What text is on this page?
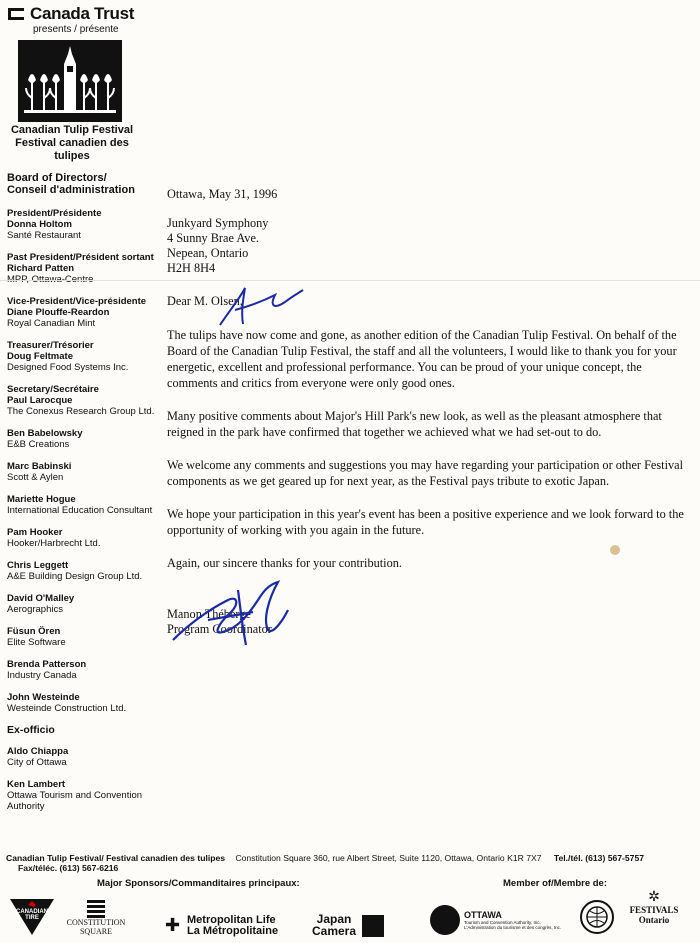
Canada Trust
presents / présente
Canadian Tulip Festival
Festival canadien des tulipes
Board of Directors/
Conseil d'administration
President/Présidente
Donna Holtom
Santé Restaurant
Past President/Président sortant
Richard Patten
Vice-President/Vice-présidente
Diane Plouffe-Reardon
Royal Canadian Mint
Treasurer/Trésorier
Doug Feltmate
Designed Food Systems Inc.
Secretary/Secrétaire
Paul Larocque
The Conexus Research Group Ltd.
Ben Babelowsky
E&B Creations
Marc Babinski
Scott & Aylen
Mariette Hogue
International Education Consultant
Pam Hooker
Hooker/Harbrecht Ltd.
Chris Leggett
A&E Building Design Group Ltd.
David O'Malley
Aerographics
Füsun Ören
Elite Software
Brenda Patterson
Industry Canada
John Westeinde
Westeinde Construction Ltd.
Ex-officio
Aldo Chiappa
City of Ottawa
Ken Lambert
Ottawa Tourism and Convention Authority
Ottawa, May 31, 1996
Junkyard Symphony
4 Sunny Brae Ave.
Nepean, Ontario
H2H 8H4
Dear M. Olsen,
The tulips have now come and gone, as another edition of the Canadian Tulip Festival. On behalf of the Board of the Canadian Tulip Festival, the staff and all the volunteers, I would like to thank you for your energetic, excellent and professional performance. You can be proud of your unique concept, the comments and critics from everyone were only good ones.
Many positive comments about Major's Hill Park's new look, as well as the pleasant atmosphere that reigned in the park have confirmed that together we achieved what we had set-out to do.
We welcome any comments and suggestions you may have regarding your participation or other Festival components as we get geared up for next year, as the Festival pays tribute to exotic Japan.
We hope your participation in this year's event has been a positive experience and we look forward to the opportunity of working with you again in the future.
Again, our sincere thanks for your contribution.
Manon Théberge
Program Coordinator
Canadian Tulip Festival/ Festival canadien des tulipes Constitution Square 360, rue Albert Street, Suite 1120, Ottawa, Ontario K1R 7X7 Tel./tél. (613) 567-5757 Fax/téléc. (613) 567-6216
Major Sponsors/Commanditaires principaux:	Member of/Membre de:
CANADIAN TIRE	CONSTITUTION SQUARE	✚ Metropolitan Life
La Métropolitaine
Japan Camera
OTTAWA
Tourism and Convention Authority, Inc.
L'Administration du tourisme et des congrès, Inc.
✲
FESTIVALS Ontario
